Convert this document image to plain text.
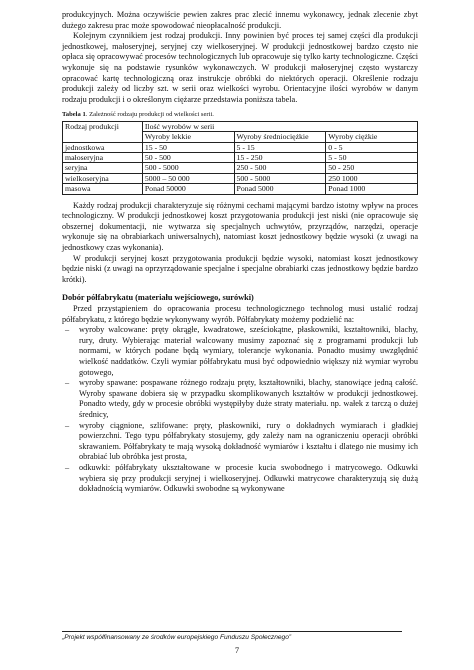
produkcyjnych. Można oczywiście pewien zakres prac zlecić innemu wykonawcy, jednak zlecenie zbyt dużego zakresu prac może spowodować nieopłacalność produkcji.

Kolejnym czynnikiem jest rodzaj produkcji. Inny powinien być proces tej samej części dla produkcji jednostkowej, małoseryjnej, seryjnej czy wielkoseryjnej. W produkcji jednostkowej bardzo często nie opłaca się opracowywać procesów technologicznych lub opracowuje się tylko karty technologiczne. Części wykonuje się na podstawie rysunków wykonawczych. W produkcji małoseryjnej często wystarczy opracować kartę technologiczną oraz instrukcje obróbki do niektórych operacji. Określenie rodzaju produkcji zależy od liczby szt. w serii oraz wielkości wyrobu. Orientacyjne ilości wyrobów w danym rodzaju produkcji i o określonym ciężarze przedstawia poniższa tabela.

Tabela 1. Zależność rodzaju produkcji od wielkości serii.
Rodzaj produkcji	Ilość wyrobów w serii		
	Wyroby lekkie	Wyroby średniociężkie	Wyroby ciężkie
jednostkowa	15 - 50	5 - 15	0 - 5
małoseryjna	50 - 500	15 - 250	5 - 50
seryjna	500 - 5000	250 - 500	50 - 250
wielkoseryjna	5000 – 50 000	500 - 5000	250 1000
masowa	Ponad 50000	Ponad 5000	Ponad 1000

Każdy rodzaj produkcji charakteryzuje się różnymi cechami mającymi bardzo istotny wpływ na proces technologiczny. W produkcji jednostkowej koszt przygotowania produkcji jest niski (nie opracowuje się obszernej dokumentacji, nie wytwarza się specjalnych uchwytów, przyrządów, narzędzi, operacje wykonuje się na obrabiarkach uniwersalnych), natomiast koszt jednostkowy będzie wysoki (z uwagi na jednostkowy czas wykonania).

W produkcji seryjnej koszt przygotowania produkcji będzie wysoki, natomiast koszt jednostkowy będzie niski (z uwagi na oprzyrządowanie specjalne i specjalne obrabiarki czas jednostkowy będzie bardzo krótki).

Dobór półfabrykatu (materiału wejściowego, surówki)

Przed przystąpieniem do opracowania procesu technologicznego technolog musi ustalić rodzaj półfabrykatu, z którego będzie wykonywany wyrób. Półfabrykaty możemy podzielić na:

– wyroby walcowane: pręty okrągłe, kwadratowe, sześciokątne, płaskowniki, kształtowniki, blachy, rury, druty. Wybierając materiał walcowany musimy zapoznać się z programami produkcji lub normami, w których podane będą wymiary, tolerancje wykonania. Ponadto musimy uwzględnić wielkość naddatków. Czyli wymiar półfabrykatu musi być odpowiednio większy niż wymiar wyrobu gotowego,
– wyroby spawane: pospawane różnego rodzaju pręty, kształtowniki, blachy, stanowiące jedną całość. Wyroby spawane dobiera się w przypadku skomplikowanych kształtów w produkcji jednostkowej. Ponadto wtedy, gdy w procesie obróbki występiłyby duże straty materiału. np. wałek z tarczą o dużej średnicy,
– wyroby ciągnione, szlifowane: pręty, płaskowniki, rury o dokładnych wymiarach i gładkiej powierzchni. Tego typu półfabrykaty stosujemy, gdy zależy nam na ograniczeniu operacji obróbki skrawaniem. Półfabrykaty te mają wysoką dokładność wymiarów i kształtu i dlatego nie musimy ich obrabiać lub obróbka jest prosta,
– odkuwki: półfabrykaty ukształtowane w procesie kucia swobodnego i matrycowego. Odkuwki wybiera się przy produkcji seryjnej i wielkoseryjnej. Odkuwki matrycowe charakteryzują się dużą dokładnością wymiarów. Odkuwki swobodne są wykonywane
„Projekt współfinansowany ze środków europejskiego Funduszu Społecznego”
7
